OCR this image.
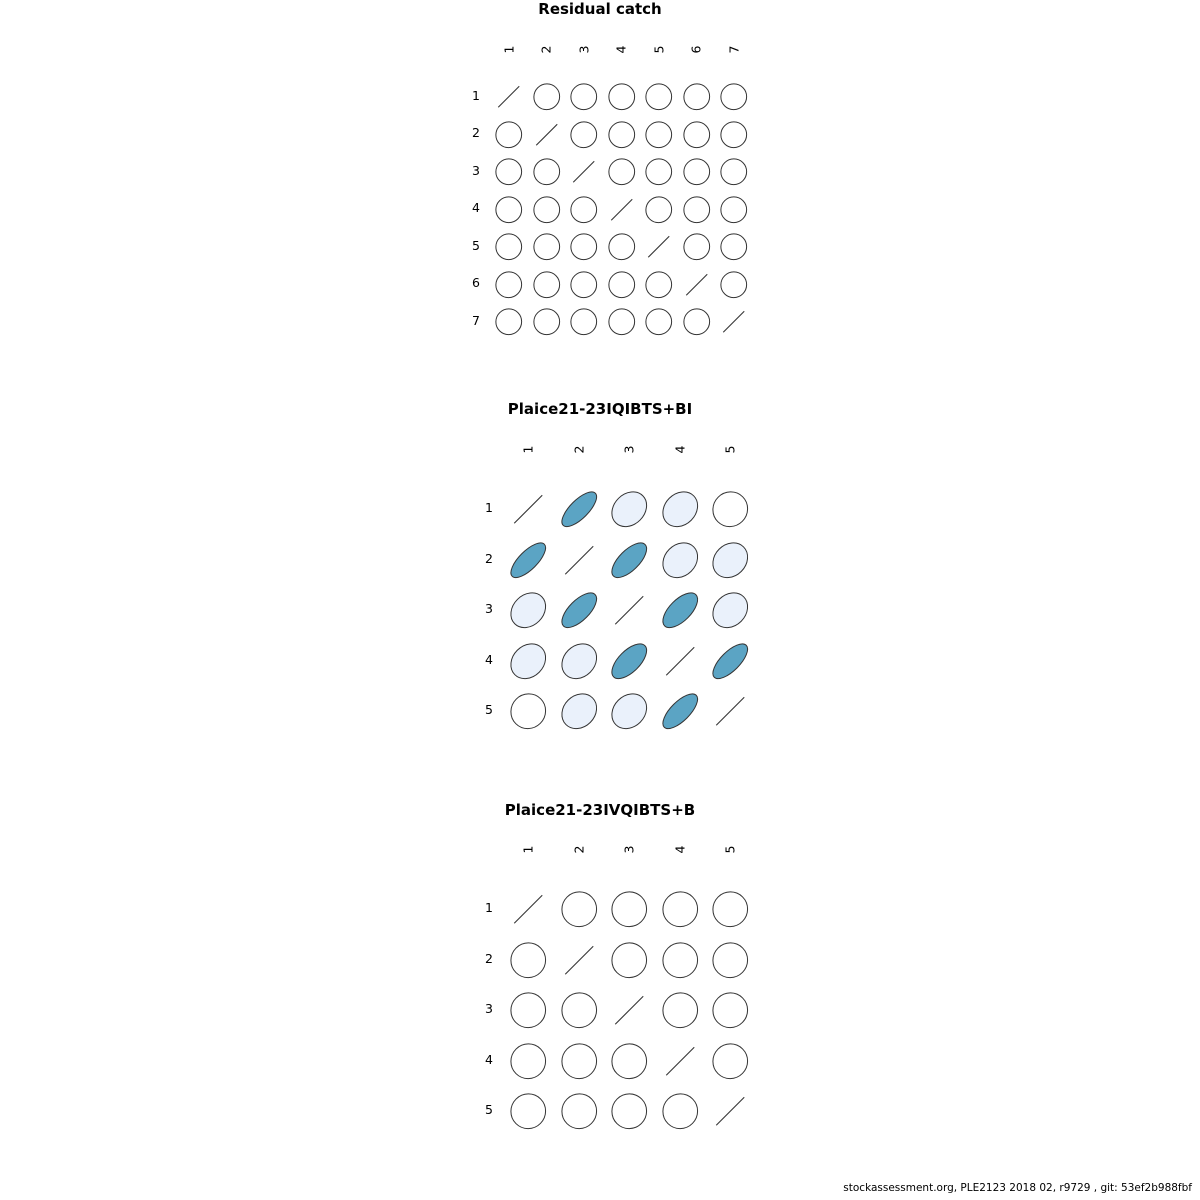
Residual catch
1 2 3 4 5 6 7
1
2
3
4
5
6
7
Plaice21-23IQIBTS+BI
1	2	3	4	5
1
2
3
4
5
Plaice21-23IVQIBTS+B
1	2	3	4	5
1
2
3
4
5
stockassessment.org, PLE2123 2018 02, r9729 , git: 53ef2b988fbf
